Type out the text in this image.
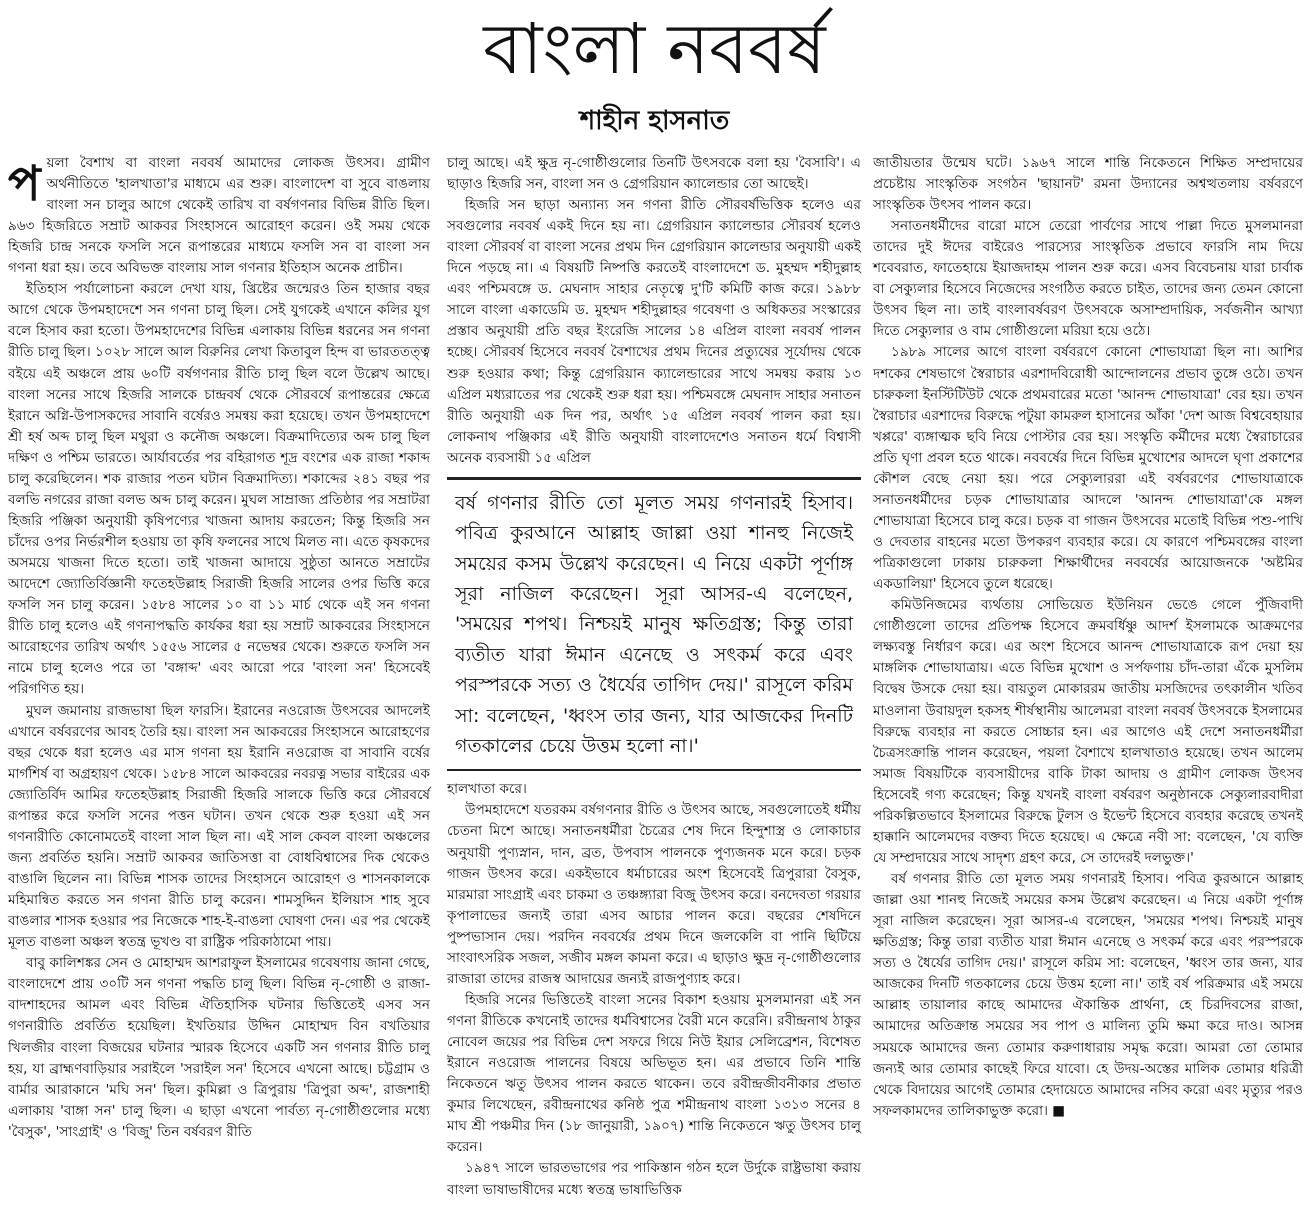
বাংলা নববর্ষ
শাহীন হাসনাত

পয়লা বৈশাখ বা বাংলা নববর্ষ আমাদের লোকজ উৎসব। গ্রামীণ অর্থনীতিতে 'হালখাতা'র মাধ্যমে এর শুরু। বাংলাদেশ বা সুবে বাঙলায় বাংলা সন চালুর আগে থেকেই তারিখ বা বর্ষগণনার বিভিন্ন রীতি ছিল। ৯৬৩ হিজরিতে সম্রাট আকবর সিংহাসনে আরোহণ করেন। ওই সময় থেকে হিজরি চান্দ্র সনকে ফসলি সনে রূপান্তরের মাধ্যমে ফসলি সন বা বাংলা সন গণনা ধরা হয়। তবে অবিভক্ত বাংলায় সাল গণনার ইতিহাস অনেক প্রাচীন।

ইতিহাস পর্যালোচনা করলে দেখা যায়, খ্রিষ্টের জন্মেরও তিন হাজার বছর আগে থেকে উপমহাদেশে সন গণনা চালু ছিল। সেই যুগকেই এখানে কলির যুগ বলে হিসাব করা হতো। উপমহাদেশের বিভিন্ন এলাকায় বিভিন্ন ধরনের সন গণনা রীতি চালু ছিল। ১০২৮ সালে আল বিরুনির লেখা কিতাবুল হিন্দ বা ভারততত্ত্ব বইয়ে এই অঞ্চলে প্রায় ৬০টি বর্ষগণনার রীতি চালু ছিল বলে উল্লেখ আছে। বাংলা সনের সাথে হিজরি সালকে চান্দ্রবর্ষ থেকে সৌরবর্ষে রূপান্তরের ক্ষেত্রে ইরানে অগ্নি-উপাসকদের সাবানি বর্ষেরও সমন্বয় করা হয়েছে। তখন উপমহাদেশে শ্রী হর্ষ অব্দ চালু ছিল মথুরা ও কনৌজ অঞ্চলে। বিক্রমাদিত্যের অব্দ চালু ছিল দক্ষিণ ও পশ্চিম ভারতে। আর্যাবর্তের পর বহিরাগত শূদ্র বংশের এক রাজা শকাব্দ চালু করেছিলেন। শক রাজার পতন ঘটান বিক্রমাদিত্য। শকাব্দের ২৪১ বছর পর বলভি নগরের রাজা বলভ অব্দ চালু করেন। মুঘল সাম্রাজ্য প্রতিষ্ঠার পর সম্রাটরা হিজরি পঞ্জিকা অনুযায়ী কৃষিপণ্যের খাজনা আদায় করতেন; কিন্তু হিজরি সন চাঁদের ওপর নির্ভরশীল হওয়ায় তা কৃষি ফলনের সাথে মিলত না। এতে কৃষকদের অসময়ে খাজনা দিতে হতো। তাই খাজনা আদায়ে সুষ্ঠুতা আনতে সম্রাটের আদেশে জ্যোতির্বিজ্ঞানী ফতেহউল্লাহ সিরাজী হিজরি সালের ওপর ভিত্তি করে ফসলি সন চালু করেন। ১৫৮৪ সালের ১০ বা ১১ মার্চ থেকে এই সন গণনা রীতি চালু হলেও এই গণনাপদ্ধতি কার্যকর ধরা হয় সম্রাট আকবরের সিংহাসনে আরোহণের তারিখ অর্থাৎ ১৫৫৬ সালের ৫ নভেম্বর থেকে। শুরুতে ফসলি সন নামে চালু হলেও পরে তা 'বঙ্গাব্দ' এবং আরো পরে 'বাংলা সন' হিসেবেই পরিগণিত হয়।

মুঘল জমানায় রাজভাষা ছিল ফারসি। ইরানের নওরোজ উৎসবের আদলেই এখানে বর্ষবরণের আবহ তৈরি হয়। বাংলা সন আকবরের সিংহাসনে আরোহণের বছর থেকে ধরা হলেও এর মাস গণনা হয় ইরানি নওরোজ বা সাবানি বর্ষের মার্গশির্ষ বা অগ্রহায়ণ থেকে। ১৫৮৪ সালে আকবরের নবরত্ন সভার বাইরের এক জ্যোতির্বিদ আমির ফতেহউল্লাহ সিরাজী হিজরি সালকে ভিত্তি করে সৌরবর্ষে রূপান্তর করে ফসলি সনের পত্তন ঘটান। তখন থেকে শুরু হওয়া এই সন গণনারীতি কোনোমতেই বাংলা সাল ছিল না। এই সাল কেবল বাংলা অঞ্চলের জন্য প্রবর্তিত হয়নি। সম্রাট আকবর জাতিসত্তা বা বোধবিশ্বাসের দিক থেকেও বাঙালি ছিলেন না। বিভিন্ন শাসক তাদের সিংহাসনে আরোহণ ও শাসনকালকে মহিমান্বিত করতে সন গণনা রীতি চালু করেন। শামসুদ্দিন ইলিয়াস শাহ সুবে বাঙলার শাসক হওয়ার পর নিজেকে শাহ-ই-বাঙলা ঘোষণা দেন। এর পর থেকেই মূলত বাঙলা অঞ্চল স্বতন্ত্র ভূখণ্ড বা রাষ্ট্রিক পরিকাঠামো পায়।

বাবু কালিশঙ্কর সেন ও মোহাম্মদ আশরাফুল ইসলামের গবেষণায় জানা গেছে, বাংলাদেশে প্রায় ৩০টি সন গণনা পদ্ধতি চালু ছিল। বিভিন্ন নৃ-গোষ্ঠী ও রাজা-বাদশাহদের আমল এবং বিভিন্ন ঐতিহাসিক ঘটনার ভিত্তিতেই এসব সন গণনারীতি প্রবর্তিত হয়েছিল। ইখতিয়ার উদ্দিন মোহাম্মদ বিন বখতিয়ার খিলজীর বাংলা বিজয়ের ঘটনার স্মারক হিসেবে একটি সন গণনার রীতি চালু হয়, যা ব্রাহ্মণবাড়িয়ার সরাইলে 'সরাইল সন' হিসেবে এখনো আছে। চট্টগ্রাম ও বার্মার আরাকানে 'মঘি সন' ছিল। কুমিল্লা ও ত্রিপুরায় 'ত্রিপুরা অব্দ', রাজশাহী এলাকায় 'বাঙ্গা সন' চালু ছিল। এ ছাড়া এখনো পার্বত্য নৃ-গোষ্ঠীগুলোর মধ্যে 'বৈসুক', 'সাংগ্রাই' ও 'বিজু' তিন বর্ষবরণ রীতি

চালু আছে। এই ক্ষুদ্র নৃ-গোষ্ঠীগুলোর তিনটি উৎসবকে বলা হয় 'বৈসাবি'। এ ছাড়াও হিজরি সন, বাংলা সন ও গ্রেগরিয়ান ক্যালেন্ডার তো আছেই।

হিজরি সন ছাড়া অন্যান্য সন গণনা রীতি সৌরবর্ষভিত্তিক হলেও এর সবগুলোর নববর্ষ একই দিনে হয় না। গ্রেগরিয়ান ক্যালেন্ডার সৌরবর্ষ হলেও বাংলা সৌরবর্ষ বা বাংলা সনের প্রথম দিন গ্রেগরিয়ান কালেন্ডার অনুযায়ী একই দিনে পড়ছে না। এ বিষয়টি নিষ্পত্তি করতেই বাংলাদেশে ড. মুহম্মদ শহীদুল্লাহ এবং পশ্চিমবঙ্গে ড. মেঘনাদ সাহার নেতৃত্বে দু'টি কমিটি কাজ করে। ১৯৮৮ সালে বাংলা একাডেমি ড. মুহম্মদ শহীদুল্লাহর গবেষণা ও অধিকতর সংস্কারের প্রস্তাব অনুযায়ী প্রতি বছর ইংরেজি সালের ১৪ এপ্রিল বাংলা নববর্ষ পালন হচ্ছে। সৌরবর্ষ হিসেবে নববর্ষ বৈশাখের প্রথম দিনের প্রত্যুষের সূর্যোদয় থেকে শুরু হওয়ার কথা; কিন্তু গ্রেগরিয়ান ক্যালেন্ডারের সাথে সমন্বয় করায় ১৩ এপ্রিল মধ্যরাতের পর থেকেই শুরু ধরা হয়। পশ্চিমবঙ্গে মেঘনাদ সাহার সনাতন রীতি অনুযায়ী এক দিন পর, অর্থাৎ ১৫ এপ্রিল নববর্ষ পালন করা হয়। লোকনাথ পঞ্জিকার এই রীতি অনুযায়ী বাংলাদেশেও সনাতন ধর্মে বিশ্বাসী অনেক ব্যবসায়ী ১৫ এপ্রিল

বর্ষ গণনার রীতি তো মূলত সময় গণনারই হিসাব। পবিত্র কুরআনে আল্লাহ জাল্লা ওয়া শানহু নিজেই সময়ের কসম উল্লেখ করেছেন। এ নিয়ে একটা পূর্ণাঙ্গ সূরা নাজিল করেছেন। সূরা আসর-এ বলেছেন, 'সময়ের শপথ। নিশ্চয়ই মানুষ ক্ষতিগ্রস্ত; কিন্তু তারা ব্যতীত যারা ঈমান এনেছে ও সৎকর্ম করে এবং পরস্পরকে সত্য ও ধৈর্যের তাগিদ দেয়।' রাসূলে করিম সা: বলেছেন, 'ধ্বংস তার জন্য, যার আজকের দিনটি গতকালের চেয়ে উত্তম হলো না।'

হালখাতা করে।

উপমহাদেশে যতরকম বর্ষগণনার রীতি ও উৎসব আছে, সবগুলোতেই ধর্মীয় চেতনা মিশে আছে। সনাতনধর্মীরা চৈত্রের শেষ দিনে হিন্দুশাস্ত্র ও লোকাচার অনুযায়ী পুণ্যস্নান, দান, ব্রত, উপবাস পালনকে পুণ্যজনক মনে করে। চড়ক গাজন উৎসব করে। একইভাবে ধর্মাচারের অংশ হিসেবেই ত্রিপুরারা বৈসুক, মারমারা সাংগ্রাই এবং চাকমা ও তঞ্চঙ্গ্যারা বিজু উৎসব করে। বনদেবতা গরয়ার কৃপালাভের জন্যই তারা এসব আচার পালন করে। বছরের শেষদিনে পুষ্পভাসান দেয়। পরদিন নববর্ষের প্রথম দিনে জলকেলি বা পানি ছিটিয়ে সাংবাৎসরিক সজল, সজীব মঙ্গল কামনা করে। এ ছাড়াও ক্ষুদ্র নৃ-গোষ্ঠীগুলোর রাজারা তাদের রাজস্ব আদায়ের জন্যই রাজপুণ্যাহ করে।

হিজরি সনের ভিত্তিতেই বাংলা সনের বিকাশ হওয়ায় মুসলমানরা এই সন গণনা রীতিকে কখনোই তাদের ধর্মবিশ্বাসের বৈরী মনে করেনি। রবীন্দ্রনাথ ঠাকুর নোবেল জয়ের পর বিভিন্ন দেশ সফরে গিয়ে নিউ ইয়ার সেলিব্রেশন, বিশেষত ইরানে নওরোজ পালনের বিষয়ে অভিভূত হন। এর প্রভাবে তিনি শান্তি নিকেতনে ঋতু উৎসব পালন করতে থাকেন। তবে রবীন্দ্রজীবনীকার প্রভাত কুমার লিখেছেন, রবীন্দ্রনাথের কনিষ্ঠ পুত্র শমীন্দ্রনাথ বাংলা ১৩১৩ সনের ৪ মাঘ শ্রী পঞ্চমীর দিন (১৮ জানুয়ারী, ১৯০৭) শান্তি নিকেতনে ঋতু উৎসব চালু করেন।

১৯৪৭ সালে ভারতভাগের পর পাকিস্তান গঠন হলে উর্দুকে রাষ্ট্রভাষা করায় বাংলা ভাষাভাষীদের মধ্যে স্বতন্ত্র ভাষাভিত্তিক

জাতীয়তার উন্মেষ ঘটে। ১৯৬৭ সালে শান্তি নিকেতনে শিক্ষিত সম্প্রদায়ের প্রচেষ্টায় সাংস্কৃতিক সংগঠন 'ছায়ানট' রমনা উদ্যানের অশ্বত্থতলায় বর্ষবরণে সাংস্কৃতিক উৎসব পালন করে।

সনাতনধর্মীদের বারো মাসে তেরো পার্বণের সাথে পাল্লা দিতে মুসলমানরা তাদের দুই ঈদের বাইরেও পারস্যের সাংস্কৃতিক প্রভাবে ফারসি নাম দিয়ে শবেবরাত, ফাতেহায়ে ইয়াজদাহম পালন শুরু করে। এসব বিবেচনায় যারা চার্বাক বা সেক্যুলার হিসেবে নিজেদের সংগঠিত করতে চাইত, তাদের জন্য তেমন কোনো উৎসব ছিল না। তাই বাংলাবর্ষবরণ উৎসবকে অসাম্প্রদায়িক, সর্বজনীন আখ্যা দিতে সেক্যুলার ও বাম গোষ্ঠীগুলো মরিয়া হয়ে ওঠে।

১৯৮৯ সালের আগে বাংলা বর্ষবরণে কোনো শোভাযাত্রা ছিল না। আশির দশকের শেষভাগে স্বৈরাচার এরশাদবিরোধী আন্দোলনের প্রভাব তুঙ্গে ওঠে। তখন চারুকলা ইনস্টিটিউট থেকে প্রথমবারের মতো 'আনন্দ শোভাযাত্রা' বের হয়। তখন স্বৈরাচার এরশাদের বিরুদ্ধে পটুয়া কামরুল হাসানের আঁকা 'দেশ আজ বিশ্ববেহায়ার খপ্পরে' ব্যঙ্গাত্মক ছবি নিয়ে পোস্টার বের হয়। সংস্কৃতি কর্মীদের মধ্যে স্বৈরাচারের প্রতি ঘৃণা প্রবল হতে থাকে। নববর্ষের দিনে বিভিন্ন মুখোশের আদলে ঘৃণা প্রকাশের কৌশল বেছে নেয়া হয়। পরে সেক্যুলাররা এই বর্ষবরণের শোভাযাত্রাকে সনাতনধর্মীদের চড়ক শোভাযাত্রার আদলে 'আনন্দ শোভাযাত্রা'কে মঙ্গল শোভাযাত্রা হিসেবে চালু করে। চড়ক বা গাজন উৎসবের মতোই বিভিন্ন পশু-পাখি ও দেবতার বাহনের মতো উপকরণ ব্যবহার করে। যে কারণে পশ্চিমবঙ্গের বাংলা পত্রিকাগুলো ঢাকায় চারুকলা শিক্ষার্থীদের নববর্ষের আয়োজনকে 'অষ্টমির একডালিয়া' হিসেবে তুলে ধরেছে।

কমিউনিজমের ব্যর্থতায় সোভিয়েত ইউনিয়ন ভেঙে গেলে পুঁজিবাদী গোষ্ঠীগুলো তাদের প্রতিপক্ষ হিসেবে ক্রমবর্ধিষ্ণু আদর্শ ইসলামকে আক্রমণের লক্ষ্যবস্তু নির্ধারণ করে। এর অংশ হিসেবে আনন্দ শোভাযাত্রাকে রূপ দেয়া হয় মাঙ্গলিক শোভাযাত্রায়। এতে বিভিন্ন মুখোশ ও সর্পফণায় চাঁদ-তারা এঁকে মুসলিম বিদ্বেষ উসকে দেয়া হয়। বায়তুল মোকাররম জাতীয় মসজিদের তৎকালীন খতিব মাওলানা উবায়দুল হকসহ শীর্ষস্থানীয় আলেমরা বাংলা নববর্ষ উৎসবকে ইসলামের বিরুদ্ধে ব্যবহার না করতে সোচ্চার হন। এর আগেও এই দেশে সনাতনধর্মীরা চৈত্রসংক্রান্তি পালন করেছেন, পয়লা বৈশাখে হালখাতাও হয়েছে। তখন আলেম সমাজ বিষয়টিকে ব্যবসায়ীদের বাকি টাকা আদায় ও গ্রামীণ লোকজ উৎসব হিসেবেই গণ্য করেছেন; কিন্তু যখনই বাংলা বর্ষবরণ অনুষ্ঠানকে সেক্যুলারবাদীরা পরিকল্পিতভাবে ইসলামের বিরুদ্ধে টুলস ও ইভেন্ট হিসেবে ব্যবহার করেছে তখনই হাক্কানি আলেমদের বক্তব্য দিতে হয়েছে। এ ক্ষেত্রে নবী সা: বলেছেন, 'যে ব্যক্তি যে সম্প্রদায়ের সাথে সাদৃশ্য গ্রহণ করে, সে তাদেরই দলভুক্ত।'

বর্ষ গণনার রীতি তো মূলত সময় গণনারই হিসাব। পবিত্র কুরআনে আল্লাহ জাল্লা ওয়া শানহু নিজেই সময়ের কসম উল্লেখ করেছেন। এ নিয়ে একটা পূর্ণাঙ্গ সূরা নাজিল করেছেন। সূরা আসর-এ বলেছেন, 'সময়ের শপথ। নিশ্চয়ই মানুষ ক্ষতিগ্রস্ত; কিন্তু তারা ব্যতীত যারা ঈমান এনেছে ও সৎকর্ম করে এবং পরস্পরকে সত্য ও ধৈর্যের তাগিদ দেয়।' রাসূলে করিম সা: বলেছেন, 'ধ্বংস তার জন্য, যার আজকের দিনটি গতকালের চেয়ে উত্তম হলো না।' তাই বর্ষ পরিক্রমার এই সময়ে আল্লাহ তায়ালার কাছে আমাদের ঐকান্তিক প্রার্থনা, হে চিরদিবসের রাজা, আমাদের অতিক্রান্ত সময়ের সব পাপ ও মালিন্য তুমি ক্ষমা করে দাও। আসন্ন সময়কে আমাদের জন্য তোমার করুণাধারায় সমৃদ্ধ করো। আমরা তো তোমার জন্যই আর তোমার কাছেই ফিরে যাবো। হে উদয়-অস্তের মালিক তোমার ধরিত্রী থেকে বিদায়ের আগেই তোমার হেদায়েতে আমাদের নসিব করো এবং মৃত্যুর পরও সফলকামদের তালিকাভুক্ত করো। ■
